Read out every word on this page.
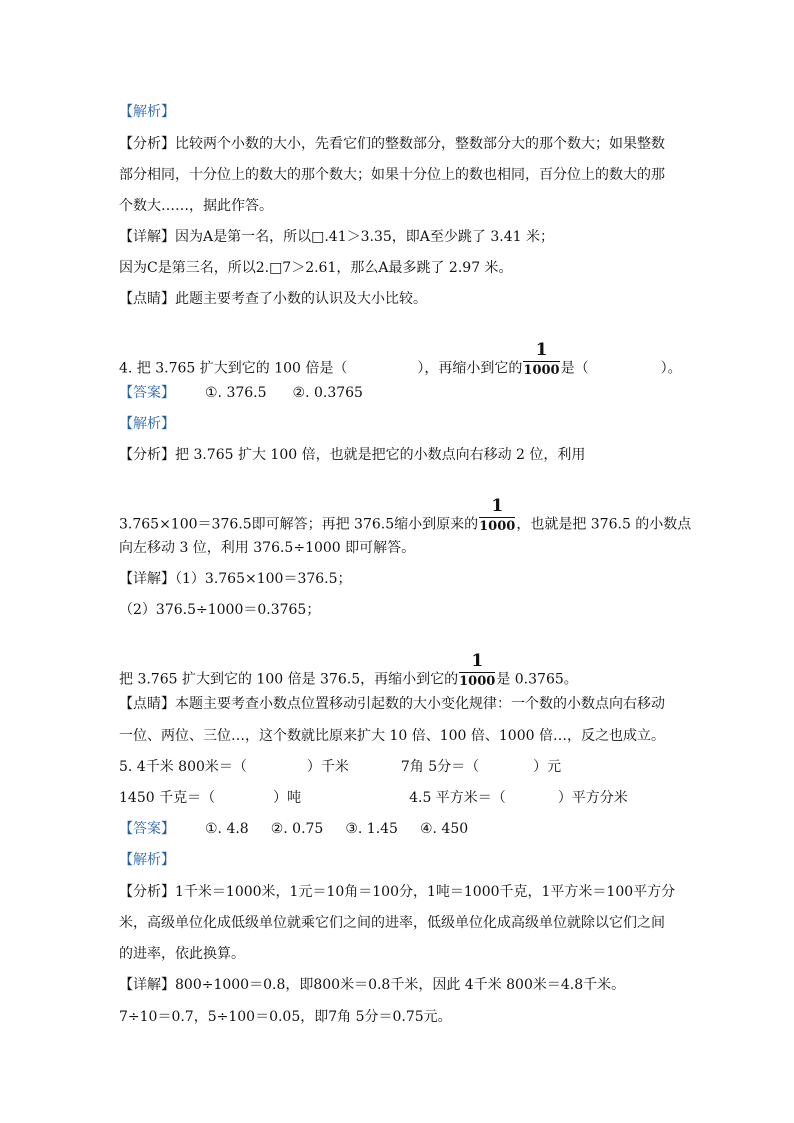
【解析】
【分析】比较两个小数的大小，先看它们的整数部分，整数部分大的那个数大；如果整数
部分相同，十分位上的数大的那个数大；如果十分位上的数也相同，百分位上的数大的那
个数大……，据此作答。
【详解】因为A是第一名，所以□.41＞3.35，即A至少跳了 3.41 米；
因为C是第三名，所以2.□7＞2.61，那么A最多跳了 2.97 米。
【点睛】此题主要考查了小数的认识及大小比较。
4. 把 3.765 扩大到它的 100 倍是（	），再缩小到它的 $\frac{1}{1000}$ 是（	）。
【答案】 ①. 376.5 ②. 0.3765
【解析】
【分析】把 3.765 扩大 100 倍，也就是把它的小数点向右移动 2 位，利用
3.765×100＝376.5即可解答；再把 376.5缩小到原来的 $\frac{1}{1000}$ ，也就是把 376.5 的小数点
向左移动 3 位，利用 376.5÷1000 即可解答。
【详解】（1）3.765×100＝376.5；
（2）376.5÷1000＝0.3765；
把 3.765 扩大到它的 100 倍是 376.5，再缩小到它的 $\frac{1}{1000}$ 是 0.3765。
【点睛】本题主要考查小数点位置移动引起数的大小变化规律：一个数的小数点向右移动
一位、两位、三位…，这个数就比原来扩大 10 倍、100 倍、1000 倍…，反之也成立。
5. 4千米 800米＝（	）千米	7角 5分＝（	）元
1450 千克＝（	）吨	4.5 平方米＝（	）平方分米
【答案】 ①. 4.8 ②. 0.75 ③. 1.45 ④. 450
【解析】
【分析】1千米＝1000米，1元＝10角＝100分，1吨＝1000千克，1平方米＝100平方分
米，高级单位化成低级单位就乘它们之间的进率，低级单位化成高级单位就除以它们之间
的进率，依此换算。
【详解】800÷1000＝0.8，即800米＝0.8千米，因此 4千米 800米＝4.8千米。
7÷10＝0.7，5÷100＝0.05，即7角 5分＝0.75元。
